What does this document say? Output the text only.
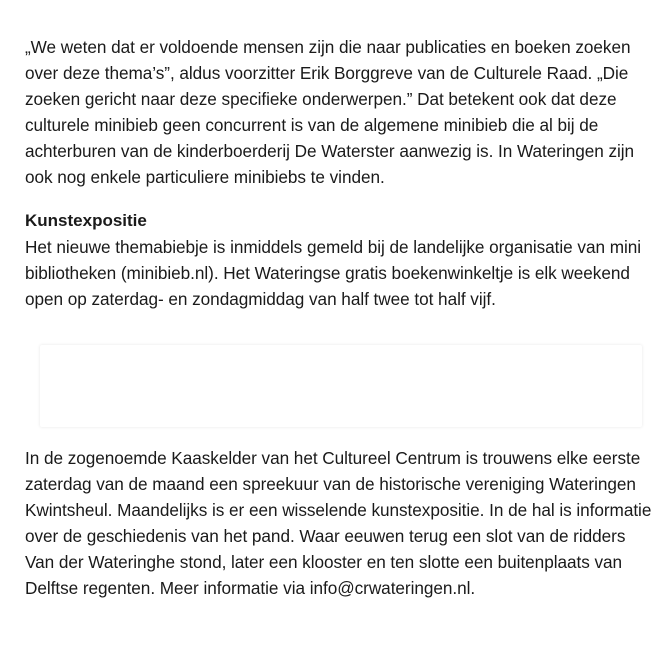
„We weten dat er voldoende mensen zijn die naar publicaties en boeken zoeken over deze thema’s”, aldus voorzitter Erik Borggreve van de Culturele Raad. „Die zoeken gericht naar deze specifieke onderwerpen.” Dat betekent ook dat deze culturele minibieb geen concurrent is van de algemene minibieb die al bij de achterburen van de kinderboerderij De Waterster aanwezig is. In Wateringen zijn ook nog enkele particuliere minibiebs te vinden.

Kunstexpositie

Het nieuwe themabiebje is inmiddels gemeld bij de landelijke organisatie van mini bibliotheken (minibieb.nl). Het Wateringse gratis boekenwinkeltje is elk weekend open op zaterdag- en zondagmiddag van half twee tot half vijf.

In de zogenoemde Kaaskelder van het Cultureel Centrum is trouwens elke eerste zaterdag van de maand een spreekuur van de historische vereniging Wateringen Kwintsheul. Maandelijks is er een wisselende kunstexpositie. In de hal is informatie over de geschiedenis van het pand. Waar eeuwen terug een slot van de ridders Van der Wateringhe stond, later een klooster en ten slotte een buitenplaats van Delftse regenten. Meer informatie via info@crwateringen.nl.
